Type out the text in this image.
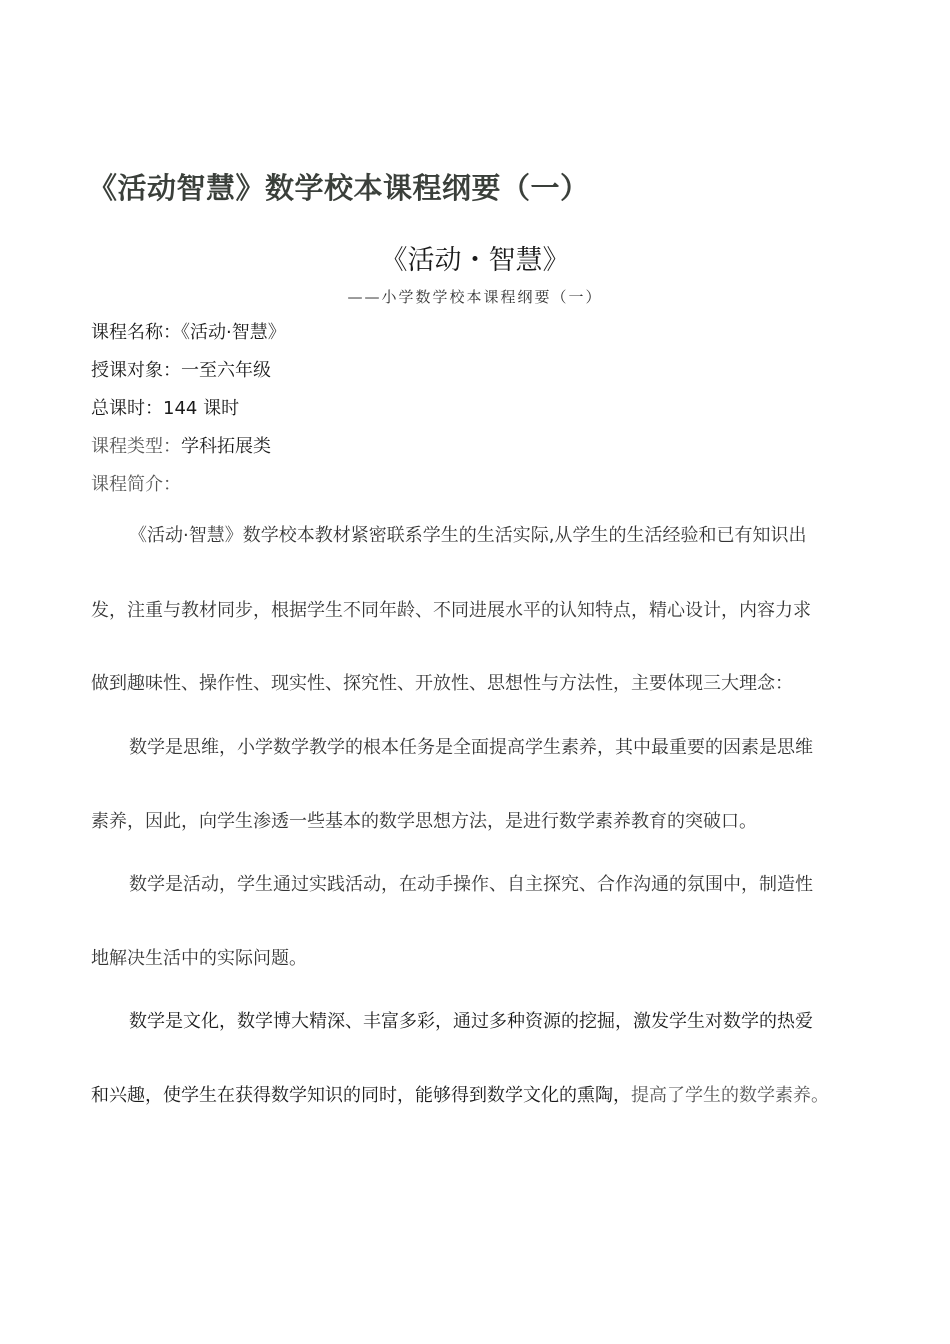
《活动智慧》数学校本课程纲要（一）
《活动・智慧》
——小学数学校本课程纲要（一）
课程名称：《活动·智慧》
授课对象：一至六年级
总课时：144 课时
课程类型：学科拓展类
课程简介：
《活动·智慧》数学校本教材紧密联系学生的生活实际,从学生的生活经验和已有知识出
发，注重与教材同步，根据学生不同年龄、不同进展水平的认知特点，精心设计，内容力求
做到趣味性、操作性、现实性、探究性、开放性、思想性与方法性，主要体现三大理念：
数学是思维，小学数学教学的根本任务是全面提高学生素养，其中最重要的因素是思维
素养，因此，向学生渗透一些基本的数学思想方法，是进行数学素养教育的突破口。
数学是活动，学生通过实践活动，在动手操作、自主探究、合作沟通的氛围中，制造性
地解决生活中的实际问题。
数学是文化，数学博大精深、丰富多彩，通过多种资源的挖掘，激发学生对数学的热爱
和兴趣，使学生在获得数学知识的同时，能够得到数学文化的熏陶，提高了学生的数学素养。
